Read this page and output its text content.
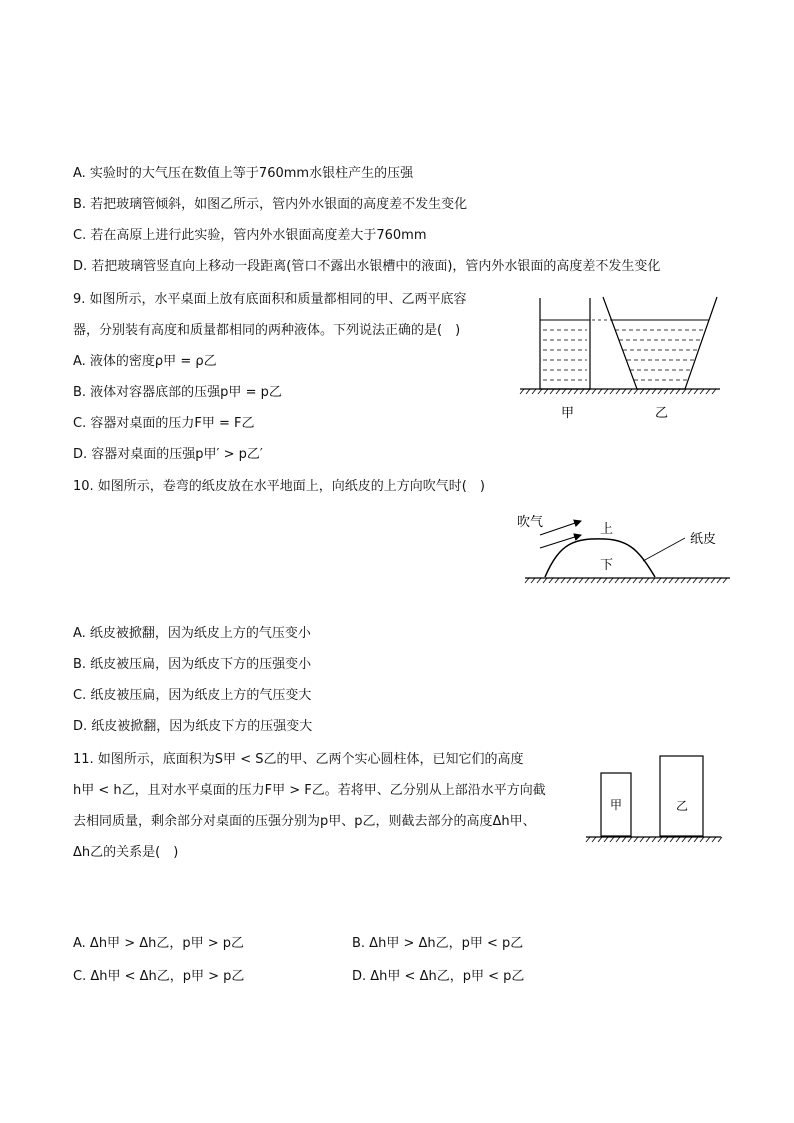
A. 实验时的大气压在数值上等于760mm水银柱产生的压强
B. 若把玻璃管倾斜，如图乙所示，管内外水银面的高度差不发生变化
C. 若在高原上进行此实验，管内外水银面高度差大于760mm
D. 若把玻璃管竖直向上移动一段距离(管口不露出水银槽中的液面)，管内外水银面的高度差不发生变化
9. 如图所示，水平桌面上放有底面积和质量都相同的甲、乙两平底容
器，分别装有高度和质量都相同的两种液体。下列说法正确的是(　)
A. 液体的密度ρ甲 = ρ乙
B. 液体对容器底部的压强p甲 = p乙
C. 容器对桌面的压力F甲 = F乙
D. 容器对桌面的压强p甲′ > p乙′
甲	乙
10. 如图所示，卷弯的纸皮放在水平地面上，向纸皮的上方向吹气时(　)
吹气	上
下
纸皮
A. 纸皮被掀翻，因为纸皮上方的气压变小
B. 纸皮被压扁，因为纸皮下方的压强变小
C. 纸皮被压扁，因为纸皮上方的气压变大
D. 纸皮被掀翻，因为纸皮下方的压强变大
11. 如图所示，底面积为S甲 < S乙的甲、乙两个实心圆柱体，已知它们的高度
h甲 < h乙，且对水平桌面的压力F甲 > F乙。若将甲、乙分别从上部沿水平方向截
去相同质量，剩余部分对桌面的压强分别为p甲、p乙，则截去部分的高度Δh甲、
Δh乙的关系是(　)
甲	乙
A. Δh甲 > Δh乙，p甲 > p乙	B. Δh甲 > Δh乙，p甲 < p乙
C. Δh甲 < Δh乙，p甲 > p乙	D. Δh甲 < Δh乙，p甲 < p乙
